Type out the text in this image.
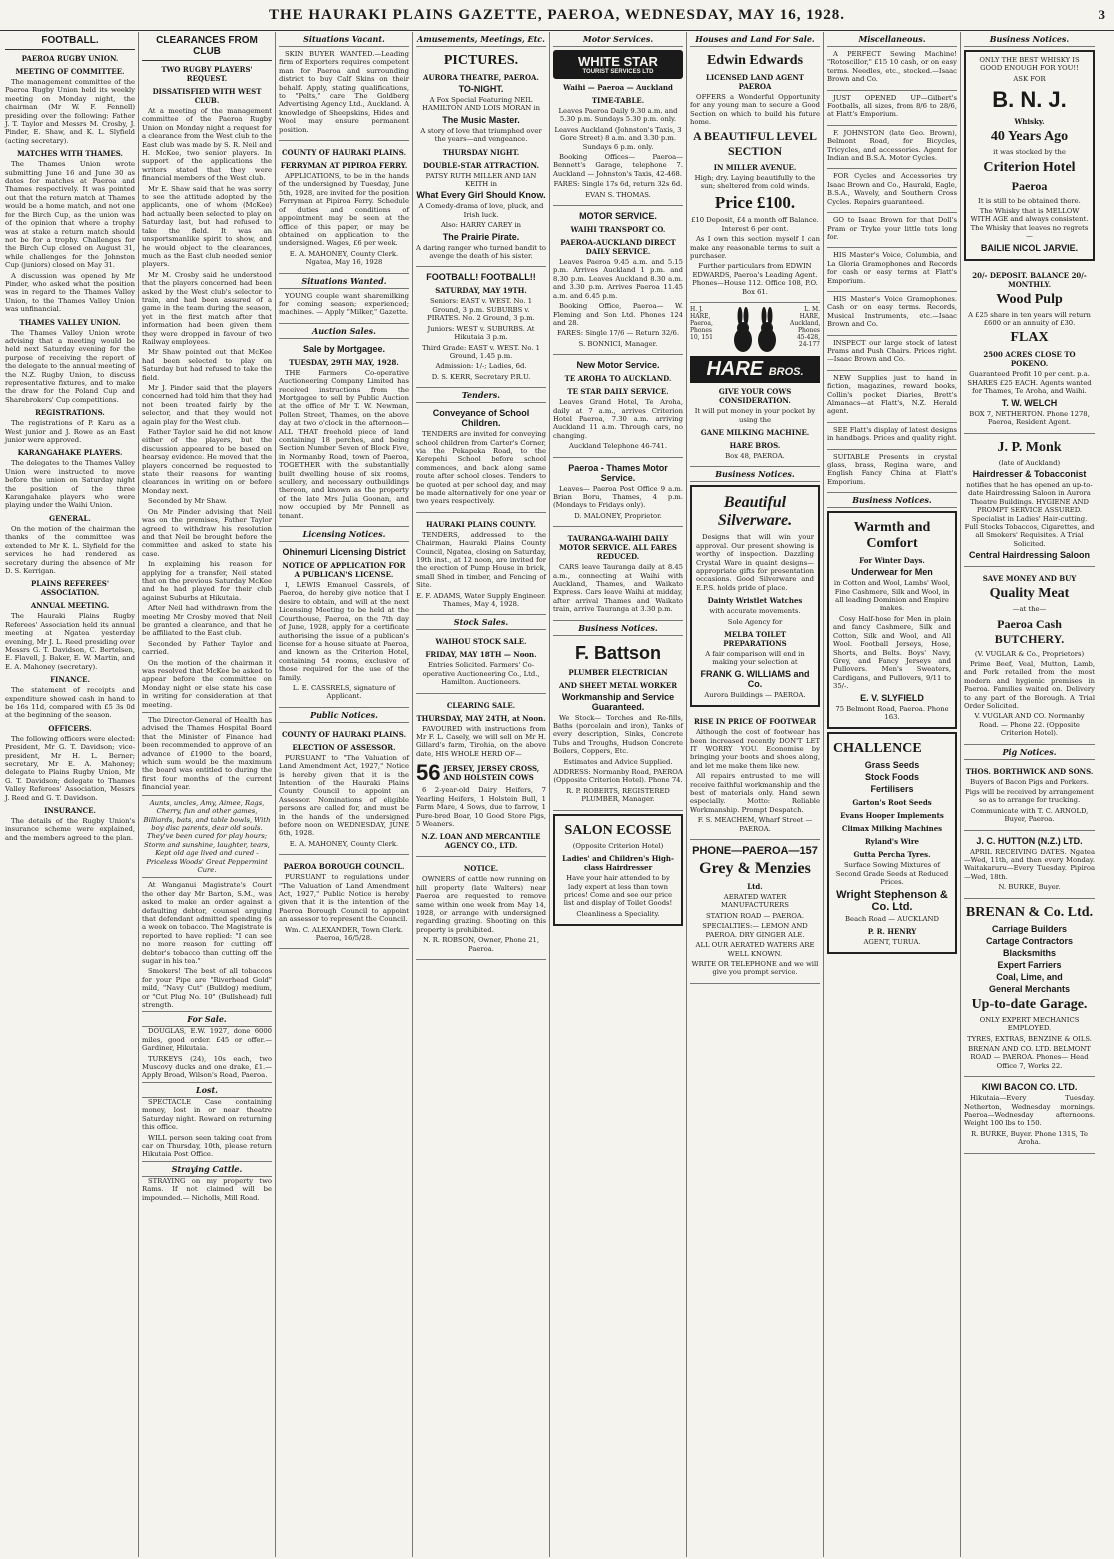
THE HAURAKI PLAINS GAZETTE, PAEROA, WEDNESDAY, MAY 16, 1928.	3
FOOTBALL.
PAEROA RUGBY UNION.
MEETING OF COMMITTEE.

The management committee of the Paeroa Rugby Union held its weekly meeting on Monday night, the chairman (Mr W. F. Fennell) presiding over the following: Father J. T. Taylor and Messrs M. Crosby, J. Pinder, E. Shaw, and K. L. Slyfield (acting secretary).

MATCHES WITH THAMES.

The Thames Union wrote submitting June 16 and June 30 as dates for matches at Paeroa and Thames respectively. It was pointed out that the return match at Thames would be a home match, and not one for the Birch Cup, as the union was of the opinion that where a trophy was at stake a return match should not be for a trophy. Challenges for the Birch Cup closed on August 31, while challenges for the Johnston Cup (juniors) closed on May 31.

A discussion was opened by Mr Pinder, who asked what the position was in regard to the Thames Valley Union, to the Thames Valley Union was unfinancial.

THAMES VALLEY UNION.

The Thames Valley Union wrote advising that a meeting would be held next Saturday evening for the purpose of receiving the report of the delegate to the annual meeting of the N.Z. Rugby Union, to discuss representative fixtures, and to make the draw for the Poland Cup and Sharebrokers' Cup competitions.

REGISTRATIONS.

The registrations of P. Karu as a West junior and J. Rowe as an East junior were approved.

KARANGAHAKE PLAYERS.

The delegates to the Thames Valley Union were instructed to move before the union on Saturday night the position of the three Karangahake players who were playing under the Waihi Union.

GENERAL.

On the motion of the chairman the thanks of the committee was extended to Mr K. L. Slyfield for the services he had rendered as secretary during the absence of Mr D. S. Kerrigan.

PLAINS REFEREES' ASSOCIATION.
ANNUAL MEETING.

The Hauraki Plains Rugby Referees' Association held its annual meeting at Ngatea yesterday evening, Mr J. L. Reed presiding over Messrs G. T. Davidson, C. Bertelsen, E. Flavell, J. Baker, E. W. Martin, and E. A. Mahoney (secretary).

FINANCE.

The statement of receipts and expenditure showed cash in hand to be 16s 11d, compared with £5 3s 0d at the beginning of the season.

OFFICERS.

The following officers were elected: President, Mr G. T. Davidson; vice-president, Mr H. L. Berner; secretary, Mr E. A. Mahoney; delegate to Plains Rugby Union, Mr G. T. Davidson; delegate to Thames Valley Referees' Association, Messrs J. Reed and G. T. Davidson.

INSURANCE.

The details of the Rugby Union's insurance scheme were explained, and the members agreed to the plan.

CLEARANCES FROM CLUB
TWO RUGBY PLAYERS' REQUEST.
DISSATISFIED WITH WEST CLUB.

At a meeting of the management committee of the Paeroa Rugby Union on Monday night a request for a clearance from the West club to the East club was made by S. R. Neil and H. McKee, two senior players. In support of the applications the writers stated that they were financial members of the West club.

Mr E. Shaw said that he was sorry to see the attitude adopted by the applicants, one of whom (McKee) had actually been selected to play on Saturday last, but had refused to take the field. It was an unsportsmanlike spirit to show, and he would object to the clearances, much as the East club needed senior players.

Mr M. Crosby said he understood that the players concerned had been asked by the West club's selector to train, and had been assured of a game in the team during the season, yet in the first match after that information had been given them they were dropped in favour of two Railway employees.

Mr Shaw pointed out that McKee had been selected to play on Saturday but had refused to take the field.

Mr J. Pinder said that the players concerned had told him that they had not been treated fairly by the selector, and that they would not again play for the West club.

Father Taylor said he did not know either of the players, but the discussion appeared to be based on hearsay evidence. He moved that the players concerned be requested to state their reasons for wanting clearances in writing on or before Monday next.

Seconded by Mr Shaw.

On Mr Pinder advising that Neil was on the premises, Father Taylor agreed to withdraw his resolution and that Neil be brought before the committee and asked to state his case.

In explaining his reason for applying for a transfer, Neil stated that on the previous Saturday McKee and he had played for their club against Suburbs at Hikutaia.

After Neil had withdrawn from the meeting Mr Crosby moved that Neil be granted a clearance, and that he be affiliated to the East club.

Seconded by Father Taylor and carried.

On the motion of the chairman it was resolved that McKee be asked to appear before the committee on Monday night or else state his case in writing for consideration at that meeting.

The Director-General of Health has advised the Thames Hospital Board that the Minister of Finance had been recommended to approve of an advance of £1900 to the board, which sum would be the maximum the board was entitled to during the first four months of the current financial year.

Aunts, uncles, Amy, Aimee, Rags, Cherry, fun and other games, Billiards, bats, and table bowls, With boy disc parents, dear old souls. They've been cured for play hours; Storm and sunshine, laughter, tears, Kept old age lived and cured - Priceless Woods' Great Peppermint Cure.

At Wanganui Magistrate's Court the other day Mr Barton, S.M., was asked to make an order against a defaulting debtor, counsel arguing that defendant admitted spending 6s a week on tobacco. The Magistrate is reported to have replied: "I can see no more reason for cutting off debtor's tobacco than cutting off the sugar in his tea."

Smokers! The best of all tobaccos for your Pipe are "Riverhead Gold" mild, "Navy Cut" (Bulldog) medium, or "Cut Plug No. 10" (Bullshead) full strength.

For Sale.

DOUGLAS, E.W. 1927, done 6000 miles, good order. £45 or offer.—Gardiner, Hikutaia.

TURKEYS (24), 10s each, two Muscovy ducks and one drake, £1.— Apply Broad, Wilson's Road, Paeroa.

Lost.

SPECTACLE Case containing money, lost in or near theatre Saturday night. Reward on returning this office.

WILL person seen taking coat from car on Thursday, 10th, please return Hikutaia Post Office.

Straying Cattle.

STRAYING on my property two Rams. If not claimed will be impounded.— Nicholls, Mill Road.

Situations Vacant.

SKIN BUYER WANTED.—Leading firm of Exporters requires competent man for Paeroa and surrounding district to buy Calf Skins on their behalf. Apply, stating qualifications, to "Pelts," care The Goldberg Advertising Agency Ltd., Auckland. A knowledge of Sheepskins, Hides and Wool may ensure permanent position.

COUNTY OF HAURAKI PLAINS.
FERRYMAN AT PIPIROA FERRY.

APPLICATIONS, to be in the hands of the undersigned by Tuesday, June 5th, 1928, are invited for the position Ferryman at Pipiroa Ferry. Schedule of duties and conditions of appointment may be seen at the office of this paper, or may be obtained on application to the undersigned. Wages, £6 per week.

E. A. MAHONEY, County Clerk. Ngatea, May 16, 1928

Situations Wanted.

YOUNG couple want sharemilking for coming season; experienced; machines. — Apply "Milker," Gazette.

Auction Sales.
Sale by Mortgagee.
TUESDAY, 29TH MAY, 1928.

THE Farmers Co-operative Auctioneering Company Limited has received instructions from the Mortgagee to sell by Public Auction at the office of Mr T. W. Newman, Pollen Street, Thames, on the above day at two o'clock in the afternoon— ALL THAT freehold piece of land containing 18 perches, and being Section Number Seven of Block Five, in Normanby Road, town of Paeroa, TOGETHER with the substantially built dwelling house of six rooms, scullery, and necessary outbuildings thereon, and known as the property of the late Mrs Julia Goonan, and now occupied by Mr Pennell as tenant.

Licensing Notices.
Ohinemuri Licensing District
NOTICE OF APPLICATION FOR A PUBLICAN'S LICENSE.

I, LEWIS Emanuel Cassrels, of Paeroa, do hereby give notice that I desire to obtain, and will at the next Licensing Meeting to be held at the Courthouse, Paeroa, on the 7th day of June, 1928, apply for a certificate authorising the issue of a publican's license for a house situate at Paeroa, and known as the Criterion Hotel, containing 54 rooms, exclusive of those required for the use of the family.

L. E. CASSRELS, signature of Applicant.

Public Notices.
COUNTY OF HAURAKI PLAINS.
ELECTION OF ASSESSOR.

PURSUANT to "The Valuation of Land Amendment Act, 1927," Notice is hereby given that it is the Intention of the Hauraki Plains County Council to appoint an Assessor. Nominations of eligible persons are called for, and must be in the hands of the undersigned before noon on WEDNESDAY, JUNE 6th, 1928.

E. A. MAHONEY, County Clerk.

PAEROA BOROUGH COUNCIL.

PURSUANT to regulations under "The Valuation of Land Amendment Act, 1927," Public Notice is hereby given that it is the intention of the Paeroa Borough Council to appoint an assessor to represent the Council.

Wm. C. ALEXANDER, Town Clerk. Paeroa, 16/5/28.

Amusements, Meetings, Etc.
PICTURES.
AURORA THEATRE, PAEROA.
TO-NIGHT.

A Fox Special Featuring NEIL HAMILTON AND LOIS MORAN in

The Music Master.

A story of love that triumphed over the years—and vengeance.

THURSDAY NIGHT.
DOUBLE-STAR ATTRACTION.

PATSY RUTH MILLER AND IAN KEITH in

What Every Girl Should Know.

A Comedy-drama of love, pluck, and Irish luck.

Also: HARRY CAREY in

The Prairie Pirate.

A daring ranger who turned bandit to avenge the death of his sister.

FOOTBALL! FOOTBALL!!
SATURDAY, MAY 19TH.

Seniors: EAST v. WEST. No. 1 Ground, 3 p.m. SUBURBS v. PIRATES. No. 2 Ground, 3 p.m.

Juniors: WEST v. SUBURBS. At Hikutaia 3 p.m.

Third Grade: EAST v. WEST. No. 1 Ground, 1.45 p.m.

Admission: 1/-; Ladies, 6d.

D. S. KERR, Secretary P.R.U.

Tenders.
Conveyance of School Children.

TENDERS are invited for conveying school children from Carter's Corner, via the Pekapeka Road, to the Kerepehi School before school commences, and back along same route after school closes. Tenders to be quoted at per school day, and may be made alternatively for one year or two years respectively.

HAURAKI PLAINS COUNTY.

TENDERS, addressed to the Chairman, Hauraki Plains County Council, Ngatea, closing on Saturday, 19th inst., at 12 noon, are invited for the erection of Pump House in brick, small Shed in timber, and Fencing of Site.

E. F. ADAMS, Water Supply Engineer. Thames, May 4, 1928.

Stock Sales.
WAIHOU STOCK SALE.
FRIDAY, MAY 18TH — Noon.

Entries Solicited. Farmers' Co-operative Auctioneering Co., Ltd., Hamilton. Auctioneers.

CLEARING SALE.
THURSDAY, MAY 24TH, at Noon.

FAVOURED with instructions from Mr F. L. Casely, we will sell on Mr H. Gillard's farm, Tirohia, on the above date, HIS WHOLE HERD OF—

56 JERSEY, JERSEY CROSS, AND HOLSTEIN COWS

6 2-year-old Dairy Heifers, 7 Yearling Heifers, 1 Holstein Bull, 1 Farm Mare, 4 Sows, due to farrow, 1 Pure-bred Boar, 10 Good Store Pigs, 5 Weaners.

N.Z. LOAN AND MERCANTILE AGENCY CO., LTD.
NOTICE.

OWNERS of cattle now running on hill property (late Walters) near Paeroa are requested to remove same within one week from May 14, 1928, or arrange with undersigned regarding grazing. Shooting on this property is prohibited.

N. R. ROBSON, Owner, Phone 21, Paeroa.

Motor Services.
WHITE STAR
TOURIST SERVICES LTD
Waihi — Paeroa — Auckland
TIME-TABLE.

Leaves Paeroa Daily 9.30 a.m. and 5.30 p.m. Sundays 5.30 p.m. only.

Leaves Auckland (Johnston's Taxis, 3 Gore Street) 8 a.m. and 3.30 p.m. Sundays 6 p.m. only.

Booking Offices— Paeroa—Bennett's Garage, telephone 7. Auckland — Johnston's Taxis, 42-468.

FARES: Single 17s 6d, return 32s 6d.

EVAN S. THOMAS.

MOTOR SERVICE.
WAIHI TRANSPORT CO.
PAEROA-AUCKLAND DIRECT DAILY SERVICE.

Leaves Paeroa 9.45 a.m. and 5.15 p.m. Arrives Auckland 1 p.m. and 8.30 p.m. Leaves Auckland 8.30 a.m. and 3.30 p.m. Arrives Paeroa 11.45 a.m. and 6.45 p.m.

Booking Office, Paeroa— W. Fleming and Son Ltd. Phones 124 and 28.

FARES: Single 17/6 — Return 32/6.

S. BONNICI, Manager.

New Motor Service.
TE AROHA TO AUCKLAND.
TE STAR DAILY SERVICE.

Leaves Grand Hotel, Te Aroha, daily at 7 a.m., arrives Criterion Hotel Paeroa, 7.30 a.m. arriving Auckland 11 a.m. Through cars, no changing.

Auckland Telephone 46-741.

Paeroa - Thames Motor Service.

Leaves— Paeroa Post Office 9 a.m. Brian Boru, Thames, 4 p.m. (Mondays to Fridays only).

D. MALONEY, Proprietor.

TAURANGA-WAIHI DAILY MOTOR SERVICE. ALL FARES REDUCED.

CARS leave Tauranga daily at 8.45 a.m., connecting at Waihi with Auckland, Thames, and Waikato Express. Cars leave Waihi at midday, after arrival Thames and Waikato train, arrive Tauranga at 3.30 p.m.

Business Notices.
F. Battson
PLUMBER ELECTRICIAN
AND SHEET METAL WORKER
Workmanship and Service Guaranteed.

We Stock— Torches and Re-fills, Baths (porcelain and iron), Tanks of every description, Sinks, Concrete Tubs and Troughs, Hudson Concrete Boilers, Coppers, Etc.

Estimates and Advice Supplied.

ADDRESS: Normanby Road, PAEROA (Opposite Criterion Hotel). Phone 74.

R. P. ROBERTS, REGISTERED PLUMBER, Manager.

SALON ECOSSE

(Opposite Criterion Hotel)

Ladies' and Children's High-class Hairdresser

Have your hair attended to by lady expert at less than town prices! Come and see our price list and display of Toilet Goods!

Cleanliness a Speciality.

Houses and Land For Sale.
Edwin Edwards
LICENSED LAND AGENT PAEROA

OFFERS a Wonderful Opportunity for any young man to secure a Good Section on which to build his future home.

A BEAUTIFUL LEVEL SECTION
IN MILLER AVENUE.

High; dry. Laying beautifully to the sun; sheltered from cold winds.

Price £100.

£10 Deposit, £4 a month off Balance. Interest 6 per cent.

As I own this section myself I can make any reasonable terms to suit a purchaser.

Further particulars from EDWIN EDWARDS, Paeroa's Leading Agent. Phones—House 112. Office 108, P.O. Box 61.

H. J. HARE, Paeroa, Phones 10, 151
L. M. HARE, Auckland, Phones 45-428, 24-177
HARE BROS.
GIVE YOUR COWS CONSIDERATION.

It will put money in your pocket by using the

GANE MILKING MACHINE.
HARE BROS.

Box 48, PAEROA.

Business Notices.
Beautiful Silverware.

Designs that will win your approval. Our present showing is worthy of inspection. Dazzling Crystal Ware in quaint designs—appropriate gifts for presentation occasions. Good Silverware and E.P.S. holds pride of place.

Dainty Wristlet Watches

with accurate movements.

Sole Agency for

MELBA TOILET PREPARATIONS

A fair comparison will end in making your selection at

FRANK G. WILLIAMS and Co.

Aurora Buildings — PAEROA.

RISE IN PRICE OF FOOTWEAR

Although the cost of footwear has been increased recently DON'T LET IT WORRY YOU. Economise by bringing your boots and shoes along, and let me make them like new.

All repairs entrusted to me will receive faithful workmanship and the best of materials only. Hand sewn especially. Motto: Reliable Workmanship. Prompt Despatch.

F. S. MEACHEM, Wharf Street — PAEROA.

PHONE—PAEROA—157
Grey & Menzies
Ltd.

AERATED WATER MANUFACTURERS

STATION ROAD — PAEROA.

SPECIALTIES:— LEMON AND PAEROA. DRY GINGER ALE.

ALL OUR AERATED WATERS ARE WELL KNOWN.

WRITE OR TELEPHONE and we will give you prompt service.

Miscellaneous.

A PERFECT Sewing Machine! "Rotoscillor," £15 10 cash, or on easy terms. Needles, etc., stocked.—Isaac Brown and Co.

JUST OPENED UP—Gilbert's Footballs, all sizes, from 8/6 to 28/6, at Flatt's Emporium.

F. JOHNSTON (late Geo. Brown), Belmont Road, for Bicycles, Tricycles, and accessories. Agent for Indian and B.S.A. Motor Cycles.

FOR Cycles and Accessories try Isaac Brown and Co., Hauraki, Eagle, B.S.A., Wavely, and Southern Cross Cycles. Repairs guaranteed.

GO to Isaac Brown for that Doll's Pram or Tryke your little tots long for.

HIS Master's Voice, Columbia, and La Gloria Gramophones and Records for cash or easy terms at Flatt's Emporium.

HIS Master's Voice Gramophones. Cash or on easy terms. Records, Musical Instruments, etc.—Isaac Brown and Co.

INSPECT our large stock of latest Prams and Push Chairs. Prices right.—Isaac Brown and Co.

NEW Supplies just to hand in fiction, magazines, reward books, Collin's pocket Diaries, Brett's Almanacs—at Flatt's, N.Z. Herald agent.

SEE Flatt's display of latest designs in handbags. Prices and quality right.

SUITABLE Presents in crystal glass, brass, Regina ware, and English Fancy China at Flatt's Emporium.

Business Notices.
Warmth and Comfort
For Winter Days.
Underwear for Men

in Cotton and Wool, Lambs' Wool, Fine Cashmere, Silk and Wool, in all leading Dominion and Empire makes.

Cosy Half-hose for Men in plain and fancy Cashmere, Silk and Cotton, Silk and Wool, and All Wool. Football Jerseys, Hose, Shorts, and Belts. Boys' Navy, Grey, and Fancy Jerseys and Pullovers. Men's Sweaters, Cardigans, and Pullovers, 9/11 to 35/-.

E. V. SLYFIELD

75 Belmont Road, Paeroa. Phone 163.

CHALLENCE
Grass Seeds
Stock Foods
Fertilisers
Garton's Root Seeds
Evans Hooper Implements
Climax Milking Machines
Ryland's Wire
Gutta Percha Tyres.

Surface Sowing Mixtures of Second Grade Seeds at Reduced Prices.

Wright Stephenson & Co. Ltd.

Beach Road — AUCKLAND

P. R. HENRY

AGENT, TURUA.

Business Notices.

ONLY THE BEST WHISKY IS GOOD ENOUGH FOR YOU!!

ASK FOR

B. N. J.
Whisky.
40 Years Ago

it was stocked by the

Criterion Hotel
Paeroa

It is still to be obtained there.

The Whisky that is MELLOW WITH AGE and always consistent. The Whisky that leaves no regrets—

BAILIE NICOL JARVIE.
20/- DEPOSIT. BALANCE 20/- MONTHLY.
Wood Pulp

A £25 share in ten years will return £600 or an annuity of £30.

FLAX
2500 ACRES CLOSE TO POKENO.

Guaranteed Profit 10 per cent. p.a. SHARES £25 EACH. Agents wanted for Thames, Te Aroha, and Waihi.

T. W. WELCH

BOX 7, NETHERTON. Phone 1278, Paeroa, Resident Agent.

J. P. Monk

(late of Auckland)

Hairdresser & Tobacconist

notifies that he has opened an up-to-date Hairdressing Saloon in Aurora Theatre Buildings. HYGIENE AND PROMPT SERVICE ASSURED. Specialist in Ladies' Hair-cutting. Full Stocks Tobaccos, Cigarettes, and all Smokers' Requisites. A Trial Solicited.

Central Hairdressing Saloon
SAVE MONEY AND BUY
Quality Meat

—at the—

Paeroa Cash BUTCHERY.

(V. VUGLAR & Co., Proprietors)

Prime Beef, Veal, Mutton, Lamb, and Pork retailed from the most modern and hygienic premises in Paeroa. Families waited on. Delivery to any part of the Borough. A Trial Order Solicited.

V. VUGLAR AND CO. Normanby Road. — Phone 22. (Opposite Criterion Hotel).

Pig Notices.
THOS. BORTHWICK AND SONS.

Buyers of Bacon Pigs and Porkers.

Pigs will be received by arrangement so as to arrange for trucking.

Communicate with T. C. ARNOLD, Buyer, Paeroa.

J. C. HUTTON (N.Z.) LTD.

APRIL RECEIVING DATES. Ngatea—Wed, 11th, and then every Monday. Waitakaruru—Every Tuesday. Pipiroa—Wed, 18th.

N. BURKE, Buyer.

BRENAN & Co. Ltd.
Carriage Builders
Cartage Contractors
Blacksmiths
Expert Farriers
Coal, Lime, and
General Merchants
Up-to-date Garage.

ONLY EXPERT MECHANICS EMPLOYED.

TYRES, EXTRAS, BENZINE & OILS.

BRENAN AND CO. LTD. BELMONT ROAD — PAEROA. Phones— Head Office 7, Works 22.

KIWI BACON CO. LTD.

Hikutaia—Every Tuesday. Netherton, Wednesday mornings. Paeroa—Wednesday afternoons. Weight 100 lbs to 150.

R. BURKE, Buyer. Phone 131S, Te Aroha.
